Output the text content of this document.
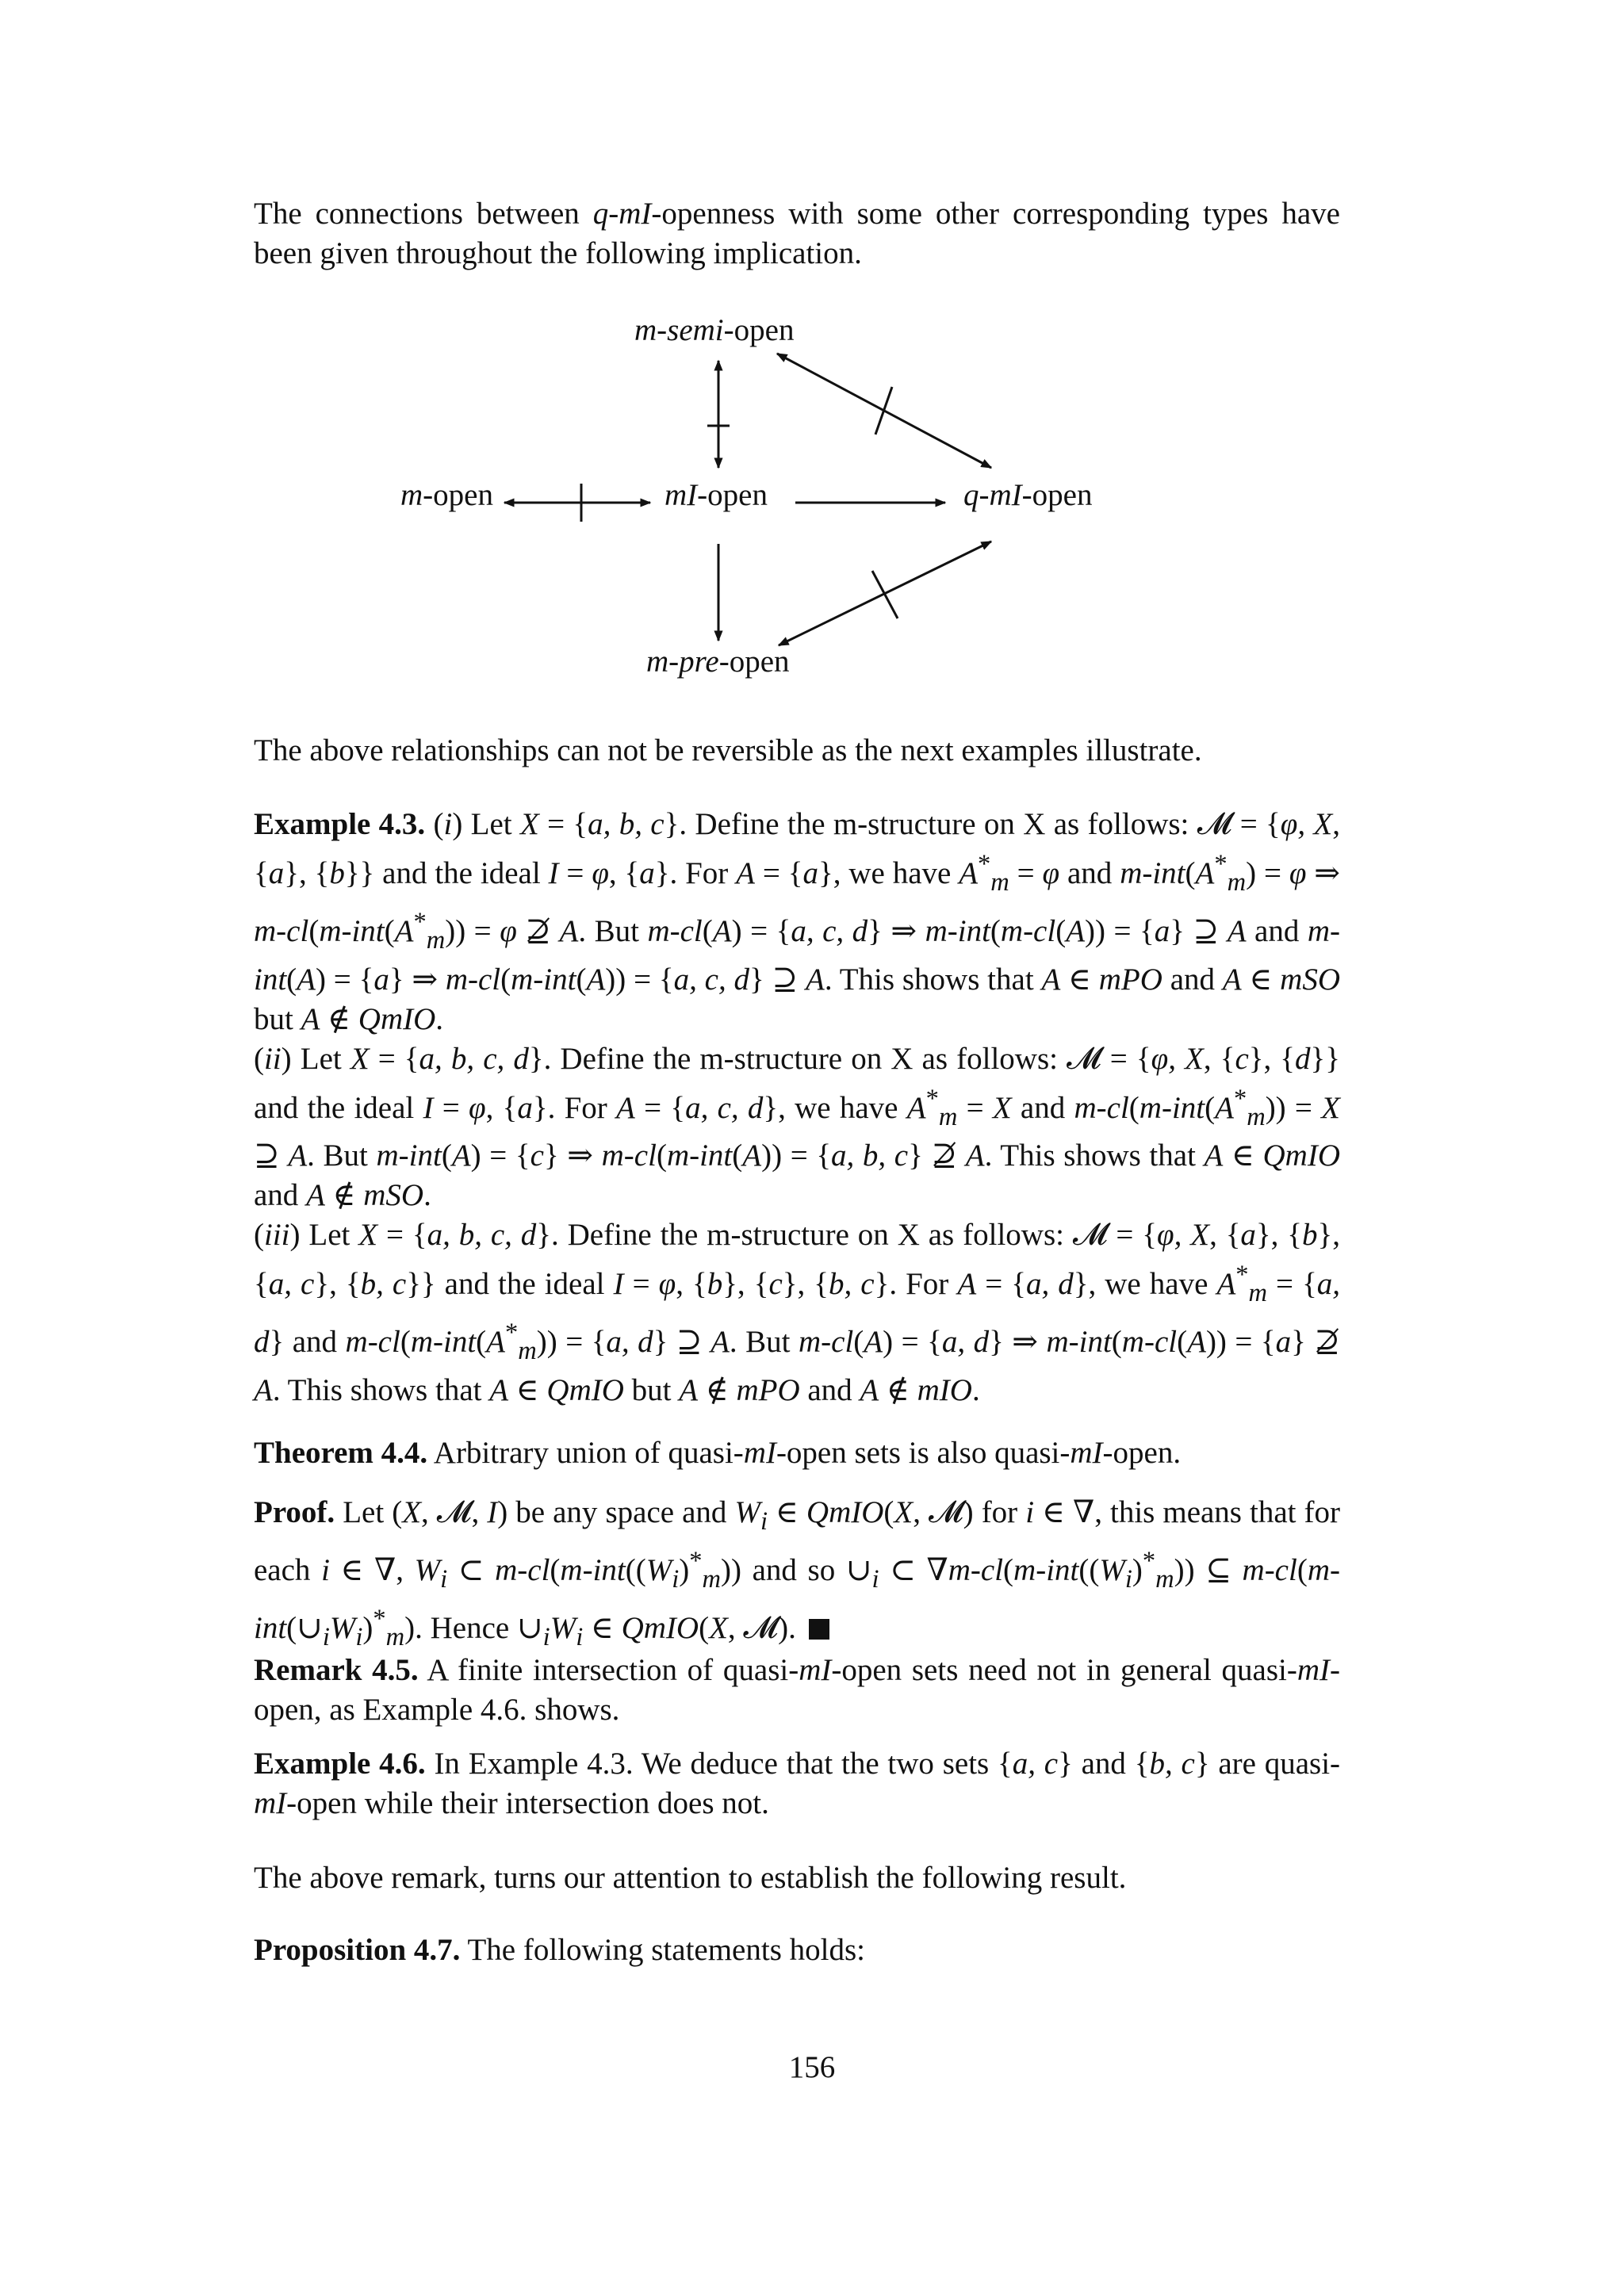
The connections between q-mI-openness with some other corresponding types have been given throughout the following implication.

m-semi-open
m-open	mI-open	q-mI-open
m-pre-open

The above relationships can not be reversible as the next examples illustrate.

Example 4.3. (i) Let X = {a, b, c}. Define the m-structure on X as follows: 𝓜 = {φ, X, {a}, {b}} and the ideal I = φ, {a}. For A = {a}, we have $A^*_m = \varphi$ and $m-int(A^*_m) = \varphi$ ⇒ $m-cl(m-int(A^*_m)) = \varphi$ ⊉ A. But m-cl(A) = {a, c, d} ⇒ m-int(m-cl(A)) = {a} ⊇ A and m-int(A) = {a} ⇒ m-cl(m-int(A)) = {a, c, d} ⊇ A. This shows that A ∈ mPO and A ∈ mSO but A ∉ QmIO.
(ii) Let X = {a, b, c, d}. Define the m-structure on X as follows: 𝓜 = {φ, X, {c}, {d}} and the ideal I = φ, {a}. For A = {a, c, d}, we have $A^*_m = X$ and $m-cl(m-int(A^*_m)) = X$ ⊇ A. But m-int(A) = {c} ⇒ m-cl(m-int(A)) = {a, b, c} ⊉ A. This shows that A ∈ QmIO and A ∉ mSO.
(iii) Let X = {a, b, c, d}. Define the m-structure on X as follows: 𝓜 = {φ, X, {a}, {b}, {a, c}, {b, c}} and the ideal I = φ, {b}, {c}, {b, c}. For A = {a, d}, we have $A^*_m = \{a$, d} and $m-cl(m-int(A^*_m)) = \{a$, d} ⊇ A. But m-cl(A) = {a, d} ⇒ m-int(m-cl(A)) = {a} ⊉ A. This shows that A ∈ QmIO but A ∉ mPO and A ∉ mIO.

Theorem 4.4. Arbitrary union of quasi-mI-open sets is also quasi-mI-open.

Proof. Let (X, 𝓜, I) be any space and $W_i$ ∈ QmIO(X, 𝓜) for i ∈ ∇, this means that for each i ∈ ∇, $W_i$ ⊂ $m-cl(m-int((W_i)^*_m))$ and so $\cup_i$ ⊂ $\nabla m-cl(m-int((W_i)^*_m))$ ⊆ $m-cl(m-int(\cup_iW_i)^*_m)$. Hence $\cup_iW_i$ ∈ QmIO(X, 𝓜).

Remark 4.5. A finite intersection of quasi-mI-open sets need not in general quasi-mI-open, as Example 4.6. shows.

Example 4.6. In Example 4.3. We deduce that the two sets {a, c} and {b, c} are quasi-mI-open while their intersection does not.

The above remark, turns our attention to establish the following result.

Proposition 4.7. The following statements holds:

156
